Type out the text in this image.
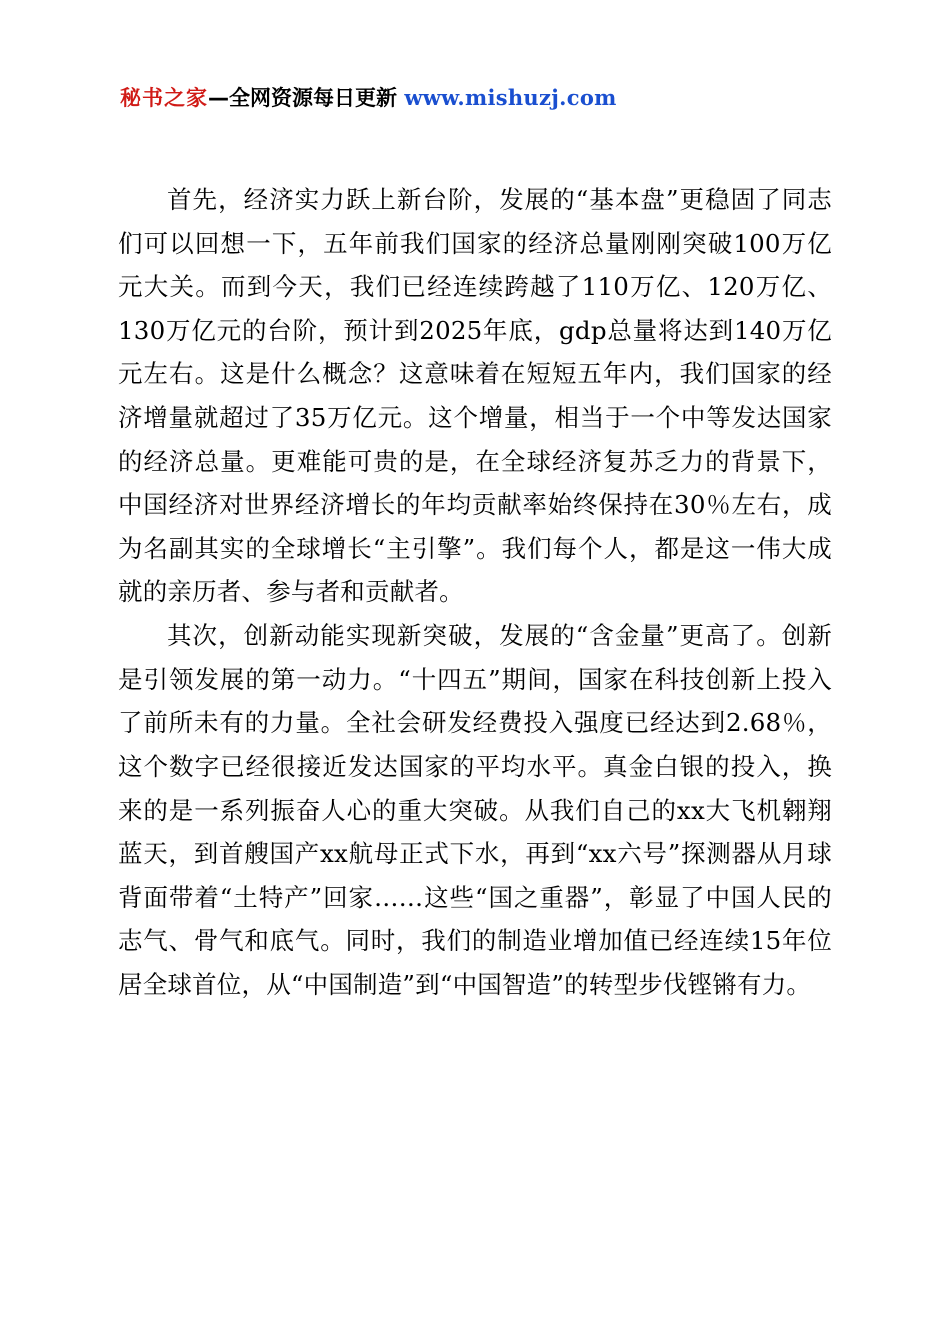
秘书之家—全网资源每日更新 www.mishuzj.com

首先，经济实力跃上新台阶，发展的“基本盘”更稳固了同志们可以回想一下，五年前我们国家的经济总量刚刚突破100万亿元大关。而到今天，我们已经连续跨越了110万亿、120万亿、130万亿元的台阶，预计到2025年底，gdp总量将达到140万亿元左右。这是什么概念？这意味着在短短五年内，我们国家的经济增量就超过了35万亿元。这个增量，相当于一个中等发达国家的经济总量。更难能可贵的是，在全球经济复苏乏力的背景下，中国经济对世界经济增长的年均贡献率始终保持在30％左右，成为名副其实的全球增长“主引擎”。我们每个人，都是这一伟大成就的亲历者、参与者和贡献者。

其次，创新动能实现新突破，发展的“含金量”更高了。创新是引领发展的第一动力。“十四五”期间，国家在科技创新上投入了前所未有的力量。全社会研发经费投入强度已经达到2.68％，这个数字已经很接近发达国家的平均水平。真金白银的投入，换来的是一系列振奋人心的重大突破。从我们自己的xx大飞机翱翔蓝天，到首艘国产xx航母正式下水，再到“xx六号”探测器从月球背面带着“土特产”回家……这些“国之重器”，彰显了中国人民的志气、骨气和底气。同时，我们的制造业增加值已经连续15年位居全球首位，从“中国制造”到“中国智造”的转型步伐铿锵有力。
